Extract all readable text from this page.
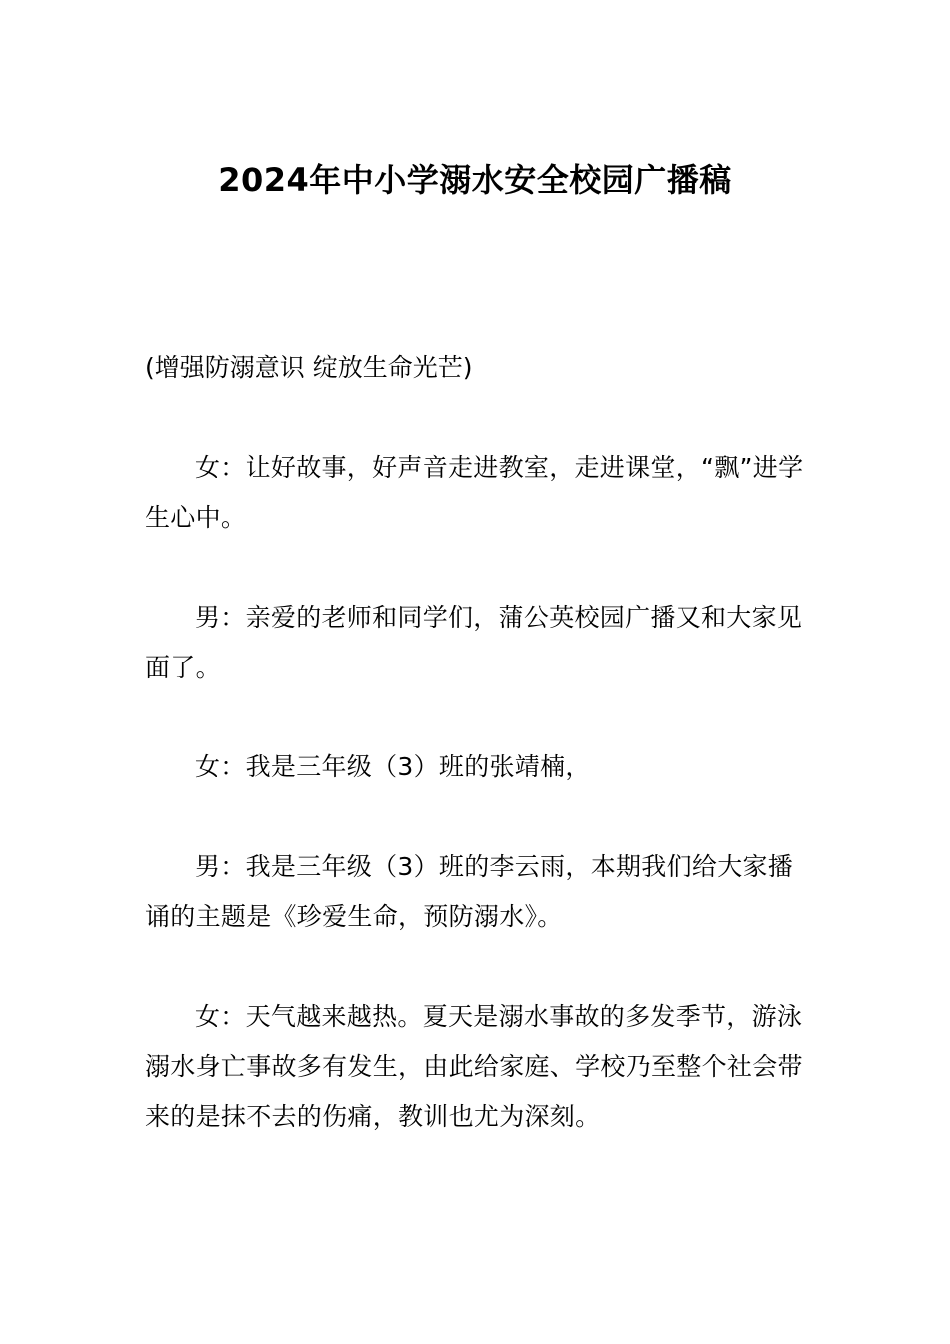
2024年中小学溺水安全校园广播稿
(增强防溺意识 绽放生命光芒)
女：让好故事，好声音走进教室，走进课堂，“飘”进学生心中。
男：亲爱的老师和同学们，蒲公英校园广播又和大家见面了。
女：我是三年级（3）班的张靖楠，
男：我是三年级（3）班的李云雨，本期我们给大家播诵的主题是《珍爱生命，预防溺水》。
女：天气越来越热。夏天是溺水事故的多发季节，游泳溺水身亡事故多有发生，由此给家庭、学校乃至整个社会带来的是抹不去的伤痛，教训也尤为深刻。
